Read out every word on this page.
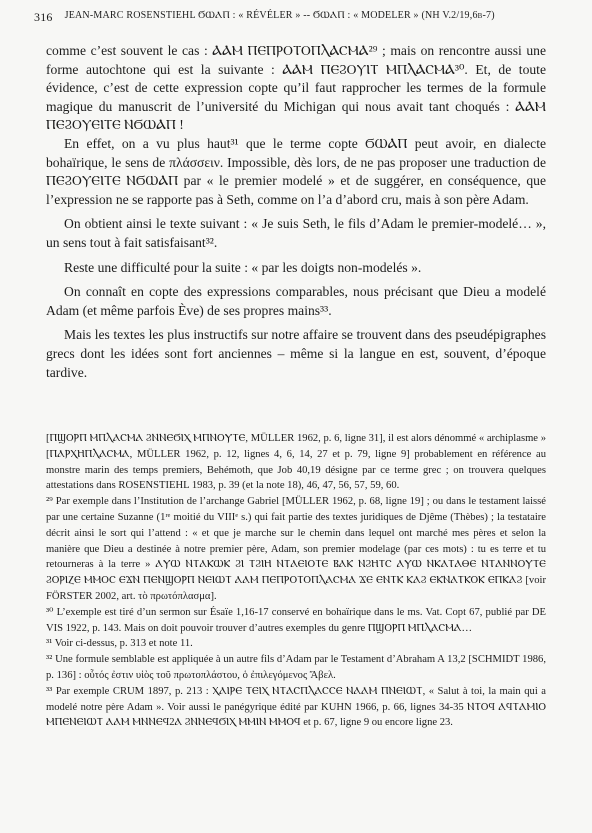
316 JEAN-MARC ROSENSTIEHL ϬⲰⲀⲠ : « RÉVÉLER » -- ϬⲰⲀⲠ : « MODELER » (NH V.2/19,6b-7)

comme c’est souvent le cas : ⲀⲀⲘ ⲠⲈⲠⲢⲞⲦⲞⲠⲖⲀⲤⲘⲀ²⁹ ; mais on rencontre aussi une forme autochtone qui est la suivante : ⲀⲀⲘ ⲠⲈϨⲞⲨⲒⲦ ⲘⲠⲖⲀⲤⲘⲀ³⁰. Et, de toute évidence, c’est de cette expression copte qu’il faut rapprocher les termes de la formule magique du manuscrit de l’université du Michigan qui nous avait tant choqués : ⲀⲀⲘ ⲠⲈϨⲞⲨⲈⲒⲦⲈ ⲚϬⲰⲀⲠ !

En effet, on a vu plus haut³¹ que le terme copte ϬⲰⲀⲠ peut avoir, en dialecte bohaïrique, le sens de πλάσσειν. Impossible, dès lors, de ne pas proposer une traduction de ⲠⲈϨⲞⲨⲈⲒⲦⲈ ⲚϬⲰⲀⲠ par « le premier modelé » et de suggérer, en conséquence, que l’expression ne se rapporte pas à Seth, comme on l’a d’abord cru, mais à son père Adam.

On obtient ainsi le texte suivant : « Je suis Seth, le fils d’Adam le premier-modelé… », un sens tout à fait satisfaisant³².

Reste une difficulté pour la suite : « par les doigts non-modelés ».

On connaît en copte des expressions comparables, nous précisant que Dieu a modelé Adam (et même parfois Ève) de ses propres mains³³.

Mais les textes les plus instructifs sur notre affaire se trouvent dans des pseudépigraphes grecs dont les idées sont fort anciennes – même si la langue en est, souvent, d’époque tardive.

[ⲠϢⲞⲢⲠ ⲘⲠⲖⲀⲤⲘⲀ ϨⲚⲚⲈϬⲒⲬ ⲘⲠⲚⲞⲨⲦⲈ, MÜLLER 1962, p. 6, ligne 31], il est alors dénommé « archiplasme » [ⲠⲀⲢⲬⲎⲠⲖⲀⲤⲘⲀ, MÜLLER 1962, p. 12, lignes 4, 6, 14, 27 et p. 79, ligne 9] probablement en référence au monstre marin des temps premiers, Behémoth, que Job 40,19 désigne par ce terme grec ; on trouvera quelques attestations dans ROSENSTIEHL 1983, p. 39 (et la note 18), 46, 47, 56, 57, 59, 60.

²⁹ Par exemple dans l’Institution de l’archange Gabriel [MÜLLER 1962, p. 68, ligne 19] ; ou dans le testament laissé par une certaine Suzanne (1ʳᵉ moitié du VIIIᵉ s.) qui fait partie des textes juridiques de Djême (Thèbes) ; la testataire décrit ainsi le sort qui l’attend : « et que je marche sur le chemin dans lequel ont marché mes pères et selon la manière que Dieu a destinée à notre premier père, Adam, son premier modelage (par ces mots) : tu es terre et tu retourneras à la terre » ⲀⲨⲰ ⲚⲦⲀⲔⲰⲔ ϨⲒ ⲦϨⲒⲎ ⲚⲦⲀⲈⲒⲞⲦⲈ ⲂⲀⲔ ⲚϨⲎⲦⲤ ⲀⲨⲰ ⲚⲔⲀⲦⲀⲐⲈ ⲚⲦⲀⲚⲚⲞⲨⲦⲈ ϨⲞⲢⲒⲌⲈ ⲘⲘⲞⲤ ⲈϪⲚ ⲠⲈⲚϢⲞⲢⲠ ⲚⲈⲒⲰⲦ ⲀⲀⲘ ⲠⲈⲠⲢⲞⲦⲞⲠⲖⲀⲤⲘⲀ ϪⲈ ⲈⲚⲦⲔ ⲔⲀϨ ⲈⲔⲚⲀⲦⲔⲞⲔ ⲈⲠⲔⲀϨ [voir FÖRSTER 2002, art. τὸ πρωτόπλασμα].

³⁰ L’exemple est tiré d’un sermon sur Ésaïe 1,16-17 conservé en bohaïrique dans le ms. Vat. Copt 67, publié par DE VIS 1922, p. 143. Mais on doit pouvoir trouver d’autres exemples du genre ⲠϢⲞⲢⲠ ⲘⲠⲖⲀⲤⲘⲀ…

³¹ Voir ci-dessus, p. 313 et note 11.

³² Une formule semblable est appliquée à un autre fils d’Adam par le Testament d’Abraham A 13,2 [SCHMIDT 1986, p. 136] : οὗτός ἐστιν υἱὸς τοῦ πρωτοπλάστου, ὁ ἐπιλεγόμενος Ἄβελ.

³³ Par exemple CRUM 1897, p. 213 : ⲬⲀⲒⲢⲈ ⲦⲈⲒⲬ ⲚⲦⲀⲤⲠⲖⲀⲤⲤⲈ ⲚⲀⲀⲘ ⲠⲚⲈⲒⲰⲦ, « Salut à toi, la main qui a modelé notre père Adam ». Voir aussi le panégyrique édité par KUHN 1966, p. 66, lignes 34-35 ⲚⲦⲞϤ ⲀϤⲦⲀⲘⲒⲞ ⲘⲠⲈⲚⲈⲒⲰⲦ ⲀⲀⲘ ⲘⲚⲚⲈϤ2Ⲁ ϨⲚⲚⲈϤϬⲒⲬ ⲘⲘⲒⲚ ⲘⲘⲞϤ et p. 67, ligne 9 ou encore ligne 23.
